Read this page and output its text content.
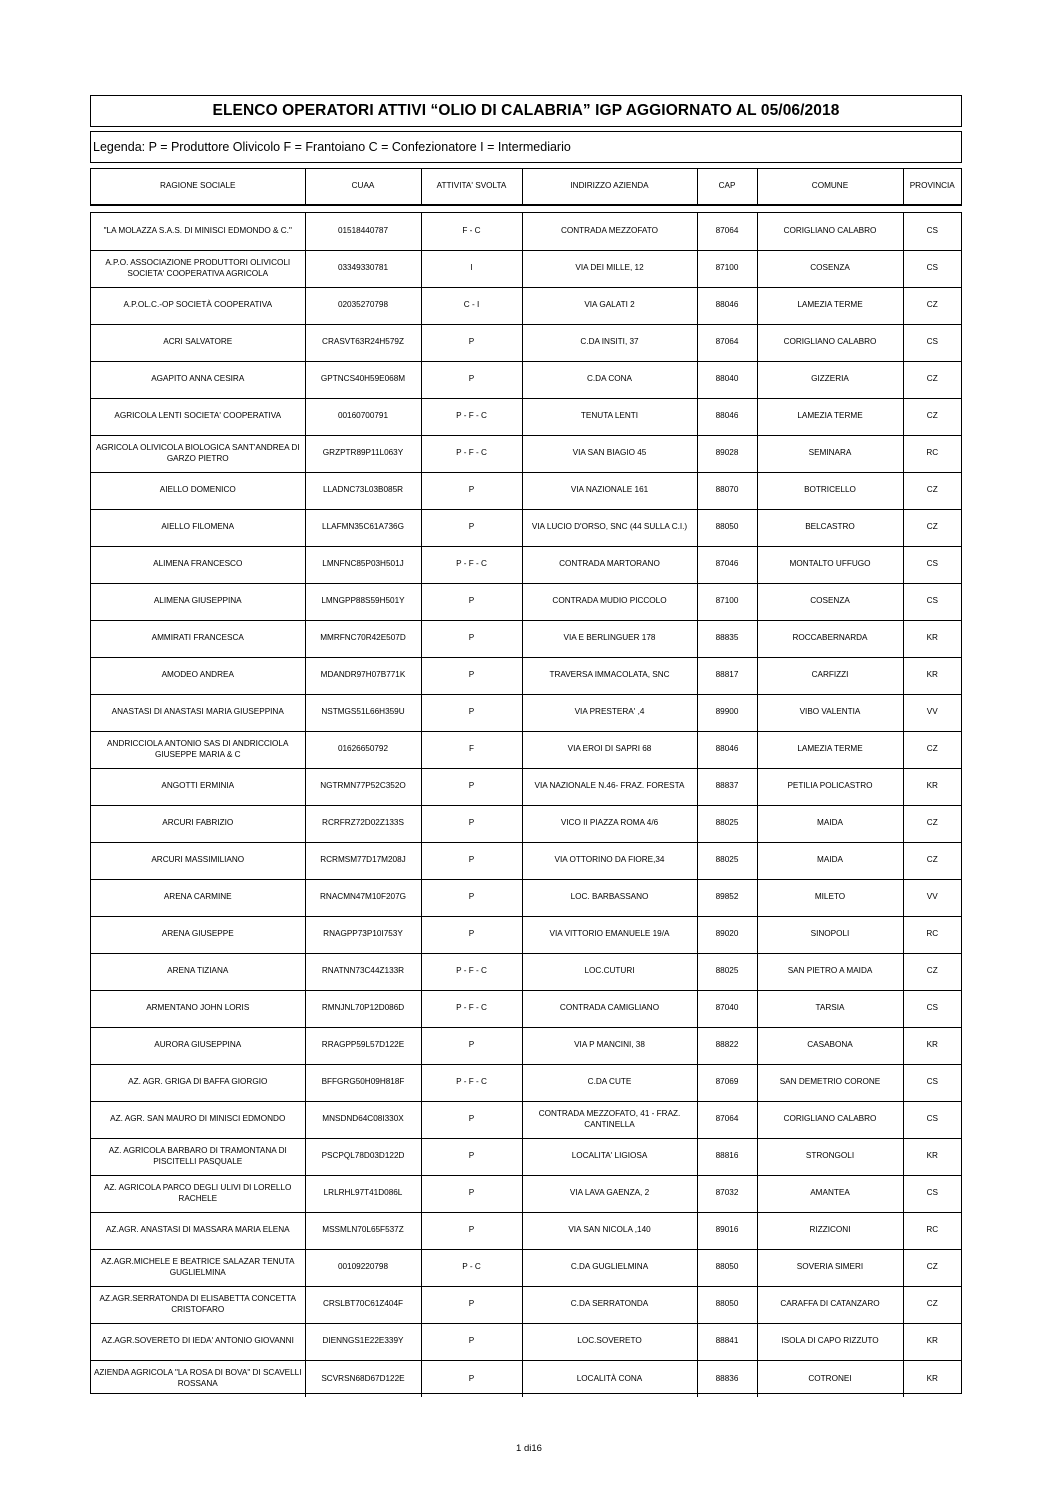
ELENCO OPERATORI ATTIVI “OLIO DI CALABRIA” IGP AGGIORNATO AL 05/06/2018
Legenda: P = Produttore Olivicolo F = Frantoiano C = Confezionatore I = Intermediario
RAGIONE SOCIALE	CUAA	ATTIVITA' SVOLTA	INDIRIZZO AZIENDA	CAP	COMUNE	PROVINCIA
"LA MOLAZZA S.A.S. DI MINISCI EDMONDO & C."	01518440787	F - C	CONTRADA MEZZOFATO	87064	CORIGLIANO CALABRO	CS
A.P.O. ASSOCIAZIONE PRODUTTORI OLIVICOLI SOCIETA' COOPERATIVA AGRICOLA	03349330781	I	VIA DEI MILLE, 12	87100	COSENZA	CS
A.P.OL.C.-OP SOCIETÀ COOPERATIVA	02035270798	C - I	VIA GALATI 2	88046	LAMEZIA TERME	CZ
ACRI SALVATORE	CRASVT63R24H579Z	P	C.DA INSITI, 37	87064	CORIGLIANO CALABRO	CS
AGAPITO ANNA CESIRA	GPTNCS40H59E068M	P	C.DA CONA	88040	GIZZERIA	CZ
AGRICOLA LENTI SOCIETA' COOPERATIVA	00160700791	P - F - C	TENUTA LENTI	88046	LAMEZIA TERME	CZ
AGRICOLA OLIVICOLA BIOLOGICA SANT'ANDREA DI GARZO PIETRO	GRZPTR89P11L063Y	P - F - C	VIA SAN BIAGIO 45	89028	SEMINARA	RC
AIELLO DOMENICO	LLADNC73L03B085R	P	VIA NAZIONALE 161	88070	BOTRICELLO	CZ
AIELLO FILOMENA	LLAFMN35C61A736G	P	VIA LUCIO D'ORSO, SNC (44 SULLA C.I.)	88050	BELCASTRO	CZ
ALIMENA FRANCESCO	LMNFNC85P03H501J	P - F - C	CONTRADA MARTORANO	87046	MONTALTO UFFUGO	CS
ALIMENA GIUSEPPINA	LMNGPP88S59H501Y	P	CONTRADA MUDIO PICCOLO	87100	COSENZA	CS
AMMIRATI FRANCESCA	MMRFNC70R42E507D	P	VIA E BERLINGUER 178	88835	ROCCABERNARDA	KR
AMODEO ANDREA	MDANDR97H07B771K	P	TRAVERSA IMMACOLATA, SNC	88817	CARFIZZI	KR
ANASTASI DI ANASTASI MARIA GIUSEPPINA	NSTMGS51L66H359U	P	VIA PRESTERA' ,4	89900	VIBO VALENTIA	VV
ANDRICCIOLA ANTONIO SAS DI ANDRICCIOLA GIUSEPPE MARIA & C	01626650792	F	VIA EROI DI SAPRI 68	88046	LAMEZIA TERME	CZ
ANGOTTI ERMINIA	NGTRMN77P52C352O	P	VIA NAZIONALE N.46- FRAZ. FORESTA	88837	PETILIA POLICASTRO	KR
ARCURI FABRIZIO	RCRFRZ72D02Z133S	P	VICO II PIAZZA ROMA 4/6	88025	MAIDA	CZ
ARCURI MASSIMILIANO	RCRMSM77D17M208J	P	VIA OTTORINO DA FIORE,34	88025	MAIDA	CZ
ARENA CARMINE	RNACMN47M10F207G	P	LOC. BARBASSANO	89852	MILETO	VV
ARENA GIUSEPPE	RNAGPP73P10I753Y	P	VIA VITTORIO EMANUELE 19/A	89020	SINOPOLI	RC
ARENA TIZIANA	RNATNN73C44Z133R	P - F - C	LOC.CUTURI	88025	SAN PIETRO A MAIDA	CZ
ARMENTANO JOHN LORIS	RMNJNL70P12D086D	P - F - C	CONTRADA CAMIGLIANO	87040	TARSIA	CS
AURORA GIUSEPPINA	RRAGPP59L57D122E	P	VIA P MANCINI, 38	88822	CASABONA	KR
AZ. AGR. GRIGA DI BAFFA GIORGIO	BFFGRG50H09H818F	P - F - C	C.DA CUTE	87069	SAN DEMETRIO CORONE	CS
AZ. AGR. SAN MAURO DI MINISCI EDMONDO	MNSDND64C08I330X	P	CONTRADA MEZZOFATO, 41 - FRAZ. CANTINELLA	87064	CORIGLIANO CALABRO	CS
AZ. AGRICOLA BARBARO DI TRAMONTANA DI PISCITELLI PASQUALE	PSCPQL78D03D122D	P	LOCALITA' LIGIOSA	88816	STRONGOLI	KR
AZ. AGRICOLA PARCO DEGLI ULIVI DI LORELLO RACHELE	LRLRHL97T41D086L	P	VIA LAVA GAENZA, 2	87032	AMANTEA	CS
AZ.AGR. ANASTASI DI MASSARA MARIA ELENA	MSSMLN70L65F537Z	P	VIA SAN NICOLA ,140	89016	RIZZICONI	RC
AZ.AGR.MICHELE E BEATRICE SALAZAR TENUTA GUGLIELMINA	00109220798	P - C	C.DA GUGLIELMINA	88050	SOVERIA SIMERI	CZ
AZ.AGR.SERRATONDA DI ELISABETTA CONCETTA CRISTOFARO	CRSLBT70C61Z404F	P	C.DA SERRATONDA	88050	CARAFFA DI CATANZARO	CZ
AZ.AGR.SOVERETO DI IEDA' ANTONIO GIOVANNI	DIENNGS1E22E339Y	P	LOC.SOVERETO	88841	ISOLA DI CAPO RIZZUTO	KR
AZIENDA AGRICOLA "LA ROSA DI BOVA" DI SCAVELLI ROSSANA	SCVRSN68D67D122E	P	LOCALITÀ CONA	88836	COTRONEI	KR
1 di16
